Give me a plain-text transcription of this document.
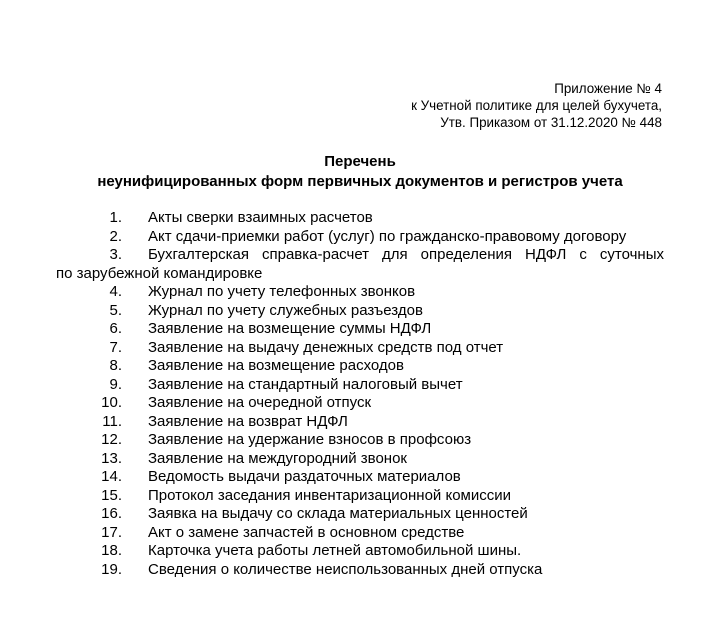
Приложение № 4
к Учетной политике для целей бухучета,
Утв. Приказом от 31.12.2020 № 448
Перечень
неунифицированных форм первичных документов и регистров учета
1.	Акты сверки взаимных расчетов
2.	Акт сдачи-приемки работ (услуг) по гражданско-правовому договору
3.	Бухгалтерская справка-расчет для определения НДФЛ с суточных
по зарубежной командировке
4.	Журнал по учету телефонных звонков
5.	Журнал по учету служебных разъездов
6.	Заявление на возмещение суммы НДФЛ
7.	Заявление на выдачу денежных средств под отчет
8.	Заявление на возмещение расходов
9.	Заявление на стандартный налоговый вычет
10.	Заявление на очередной отпуск
11.	Заявление на возврат НДФЛ
12.	Заявление на удержание взносов в профсоюз
13.	Заявление на междугородний звонок
14.	Ведомость выдачи раздаточных материалов
15.	Протокол заседания инвентаризационной комиссии
16.	Заявка на выдачу со склада материальных ценностей
17.	Акт о замене запчастей в основном средстве
18.	Карточка учета работы летней автомобильной шины.
19.	Сведения о количестве неиспользованных дней отпуска
